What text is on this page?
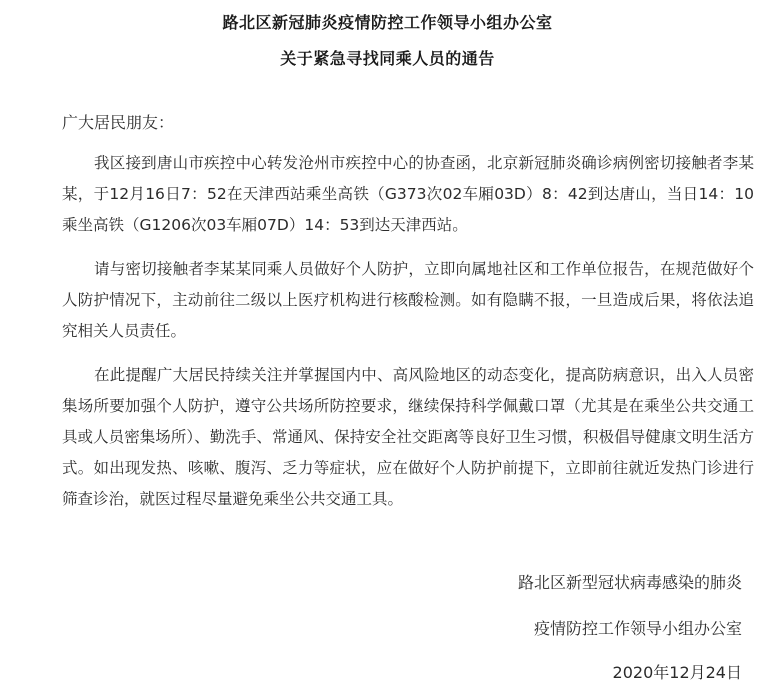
路北区新冠肺炎疫情防控工作领导小组办公室
关于紧急寻找同乘人员的通告
广大居民朋友：

我区接到唐山市疾控中心转发沧州市疾控中心的协查函，北京新冠肺炎确诊病例密切接触者李某某，于12月16日7：52在天津西站乘坐高铁（G373次02车厢03D）8：42到达唐山，当日14：10乘坐高铁（G1206次03车厢07D）14：53到达天津西站。

请与密切接触者李某某同乘人员做好个人防护，立即向属地社区和工作单位报告，在规范做好个人防护情况下，主动前往二级以上医疗机构进行核酸检测。如有隐瞒不报，一旦造成后果，将依法追究相关人员责任。

在此提醒广大居民持续关注并掌握国内中、高风险地区的动态变化，提高防病意识，出入人员密集场所要加强个人防护，遵守公共场所防控要求，继续保持科学佩戴口罩（尤其是在乘坐公共交通工具或人员密集场所）、勤洗手、常通风、保持安全社交距离等良好卫生习惯，积极倡导健康文明生活方式。如出现发热、咳嗽、腹泻、乏力等症状，应在做好个人防护前提下，立即前往就近发热门诊进行筛查诊治，就医过程尽量避免乘坐公共交通工具。

路北区新型冠状病毒感染的肺炎
疫情防控工作领导小组办公室
2020年12月24日
